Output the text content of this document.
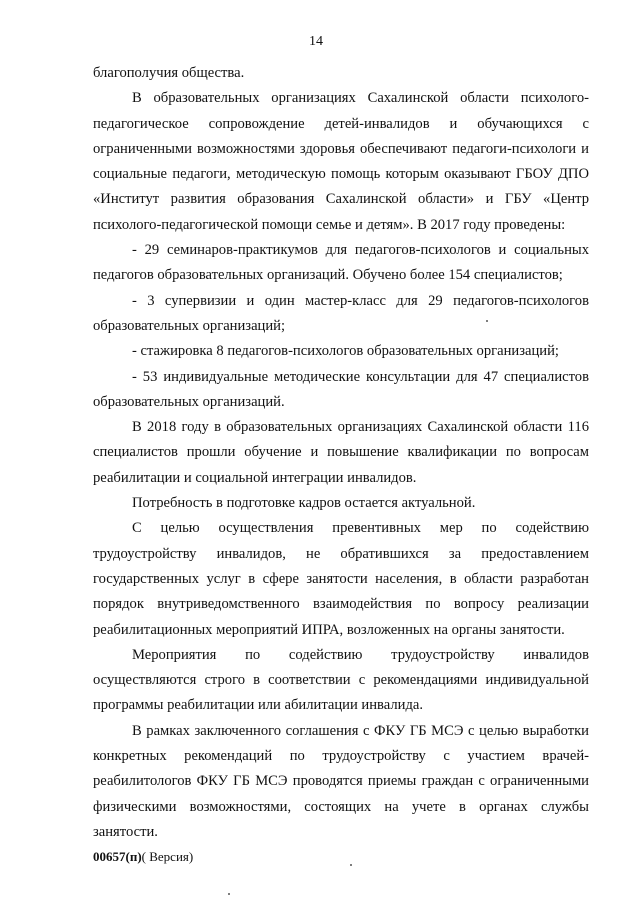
14

благополучия общества.

В образовательных организациях Сахалинской области психолого-педагогическое сопровождение детей-инвалидов и обучающихся с ограниченными возможностями здоровья обеспечивают педагоги-психологи и социальные педагоги, методическую помощь которым оказывают ГБОУ ДПО «Институт развития образования Сахалинской области» и ГБУ «Центр психолого-педагогической помощи семье и детям». В 2017 году проведены:

- 29 семинаров-практикумов для педагогов-психологов и социальных педагогов образовательных организаций. Обучено более 154 специалистов;

- 3 супервизии и один мастер-класс для 29 педагогов-психологов образовательных организаций;

- стажировка 8 педагогов-психологов образовательных организаций;

- 53 индивидуальные методические консультации для 47 специалистов образовательных организаций.

В 2018 году в образовательных организациях Сахалинской области 116 специалистов прошли обучение и повышение квалификации по вопросам реабилитации и социальной интеграции инвалидов.

Потребность в подготовке кадров остается актуальной.

С целью осуществления превентивных мер по содействию трудоустройству инвалидов, не обратившихся за предоставлением государственных услуг в сфере занятости населения, в области разработан порядок внутриведомственного взаимодействия по вопросу реализации реабилитационных мероприятий ИПРА, возложенных на органы занятости.

Мероприятия по содействию трудоустройству инвалидов осуществляются строго в соответствии с рекомендациями индивидуальной программы реабилитации или абилитации инвалида.

В рамках заключенного соглашения с ФКУ ГБ МСЭ с целью выработки конкретных рекомендаций по трудоустройству с участием врачей-реабилитологов ФКУ ГБ МСЭ проводятся приемы граждан с ограниченными физическими возможностями, состоящих на учете в органах службы занятости.

00657(п)( Версия)
